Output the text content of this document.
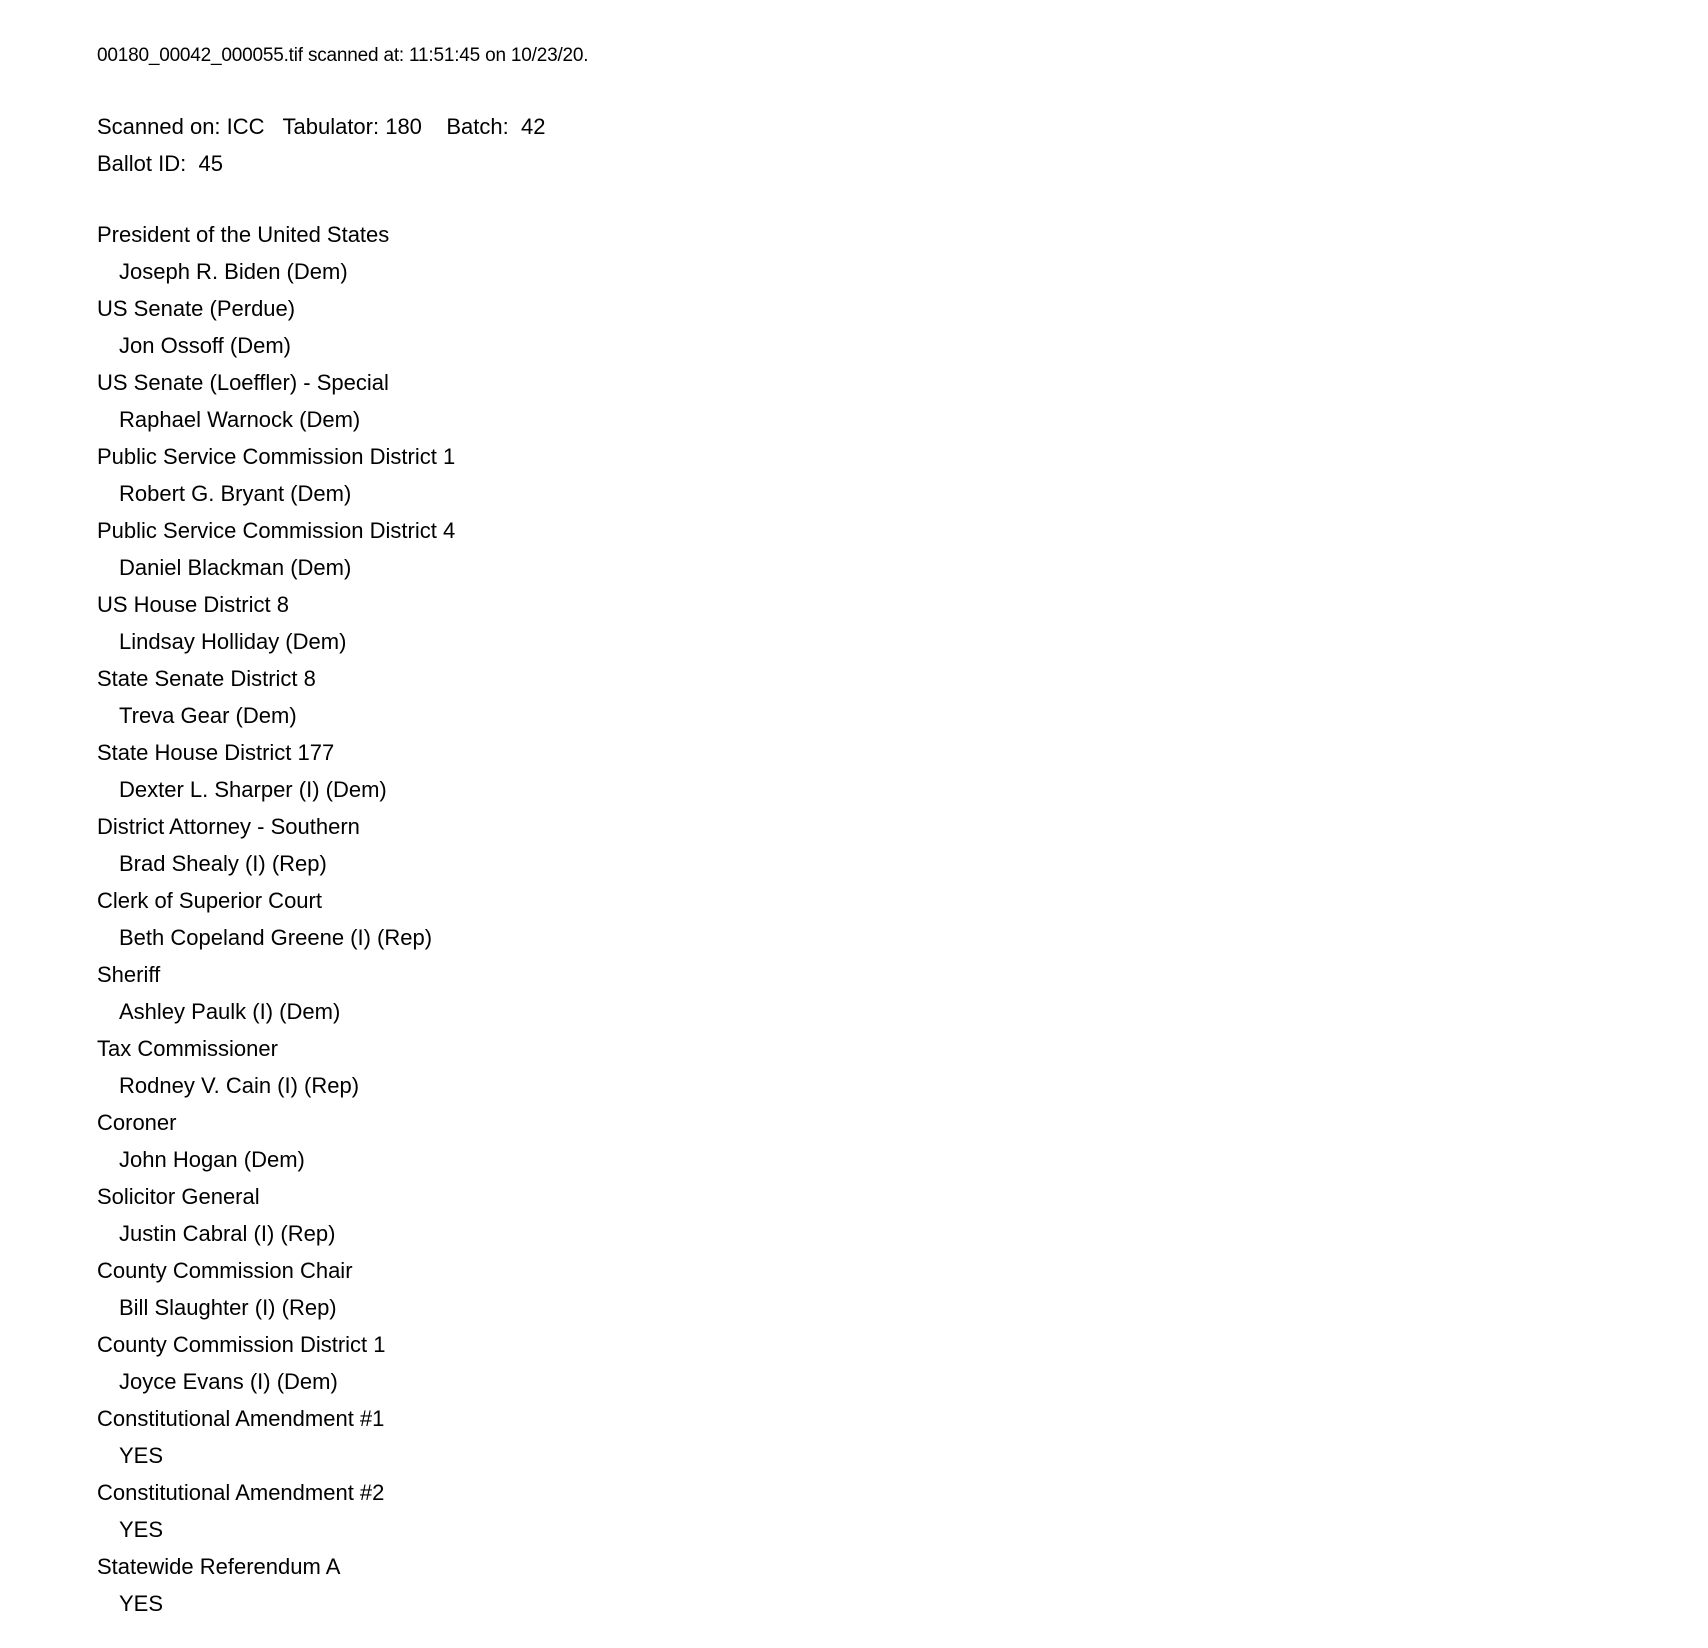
00180_00042_000055.tif scanned at: 11:51:45 on 10/23/20.
Scanned on: ICC   Tabulator: 180    Batch:  42
Ballot ID:  45
President of the United States
Joseph R. Biden (Dem)
US Senate (Perdue)
Jon Ossoff (Dem)
US Senate (Loeffler) - Special
Raphael Warnock (Dem)
Public Service Commission District 1
Robert G. Bryant (Dem)
Public Service Commission District 4
Daniel Blackman (Dem)
US House District 8
Lindsay Holliday (Dem)
State Senate District 8
Treva Gear (Dem)
State House District 177
Dexter L. Sharper (I) (Dem)
District Attorney - Southern
Brad Shealy (I) (Rep)
Clerk of Superior Court
Beth Copeland Greene (I) (Rep)
Sheriff
Ashley Paulk (I) (Dem)
Tax Commissioner
Rodney V. Cain (I) (Rep)
Coroner
John Hogan (Dem)
Solicitor General
Justin Cabral (I) (Rep)
County Commission Chair
Bill Slaughter (I) (Rep)
County Commission District 1
Joyce Evans (I) (Dem)
Constitutional Amendment #1
YES
Constitutional Amendment #2
YES
Statewide Referendum A
YES
